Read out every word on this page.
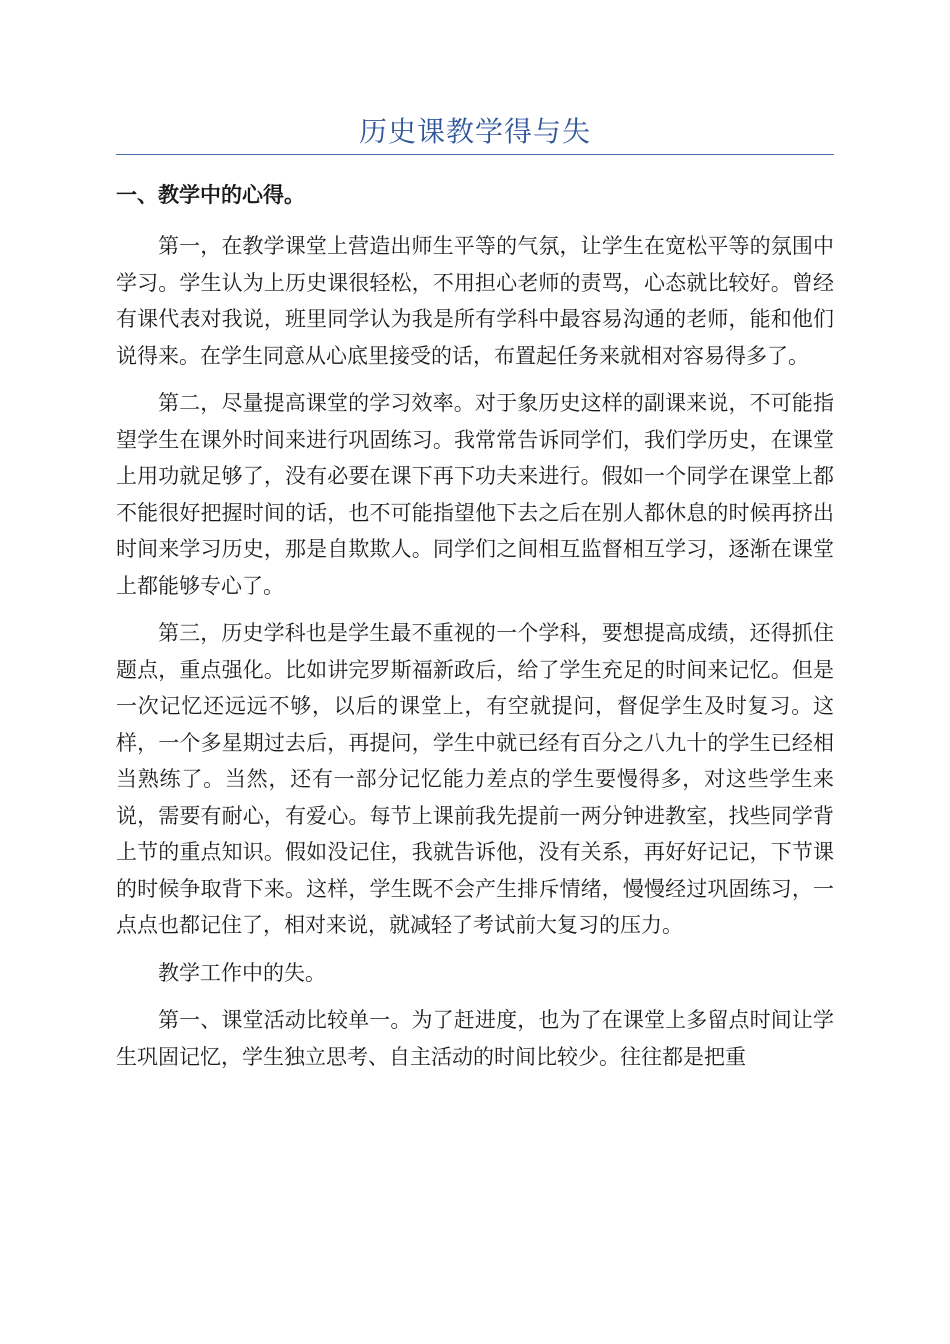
历史课教学得与失
一、教学中的心得。

第一，在教学课堂上营造出师生平等的气氛，让学生在宽松平等的氛围中学习。学生认为上历史课很轻松，不用担心老师的责骂，心态就比较好。曾经有课代表对我说，班里同学认为我是所有学科中最容易沟通的老师，能和他们说得来。在学生同意从心底里接受的话，布置起任务来就相对容易得多了。

第二，尽量提高课堂的学习效率。对于象历史这样的副课来说，不可能指望学生在课外时间来进行巩固练习。我常常告诉同学们，我们学历史，在课堂上用功就足够了，没有必要在课下再下功夫来进行。假如一个同学在课堂上都不能很好把握时间的话，也不可能指望他下去之后在别人都休息的时候再挤出时间来学习历史，那是自欺欺人。同学们之间相互监督相互学习，逐渐在课堂上都能够专心了。

第三，历史学科也是学生最不重视的一个学科，要想提高成绩，还得抓住题点，重点强化。比如讲完罗斯福新政后，给了学生充足的时间来记忆。但是一次记忆还远远不够，以后的课堂上，有空就提问，督促学生及时复习。这样，一个多星期过去后，再提问，学生中就已经有百分之八九十的学生已经相当熟练了。当然，还有一部分记忆能力差点的学生要慢得多，对这些学生来说，需要有耐心，有爱心。每节上课前我先提前一两分钟进教室，找些同学背上节的重点知识。假如没记住，我就告诉他，没有关系，再好好记记，下节课的时候争取背下来。这样，学生既不会产生排斥情绪，慢慢经过巩固练习，一点点也都记住了，相对来说，就减轻了考试前大复习的压力。

教学工作中的失。

第一、课堂活动比较单一。为了赶进度，也为了在课堂上多留点时间让学生巩固记忆，学生独立思考、自主活动的时间比较少。往往都是把重
